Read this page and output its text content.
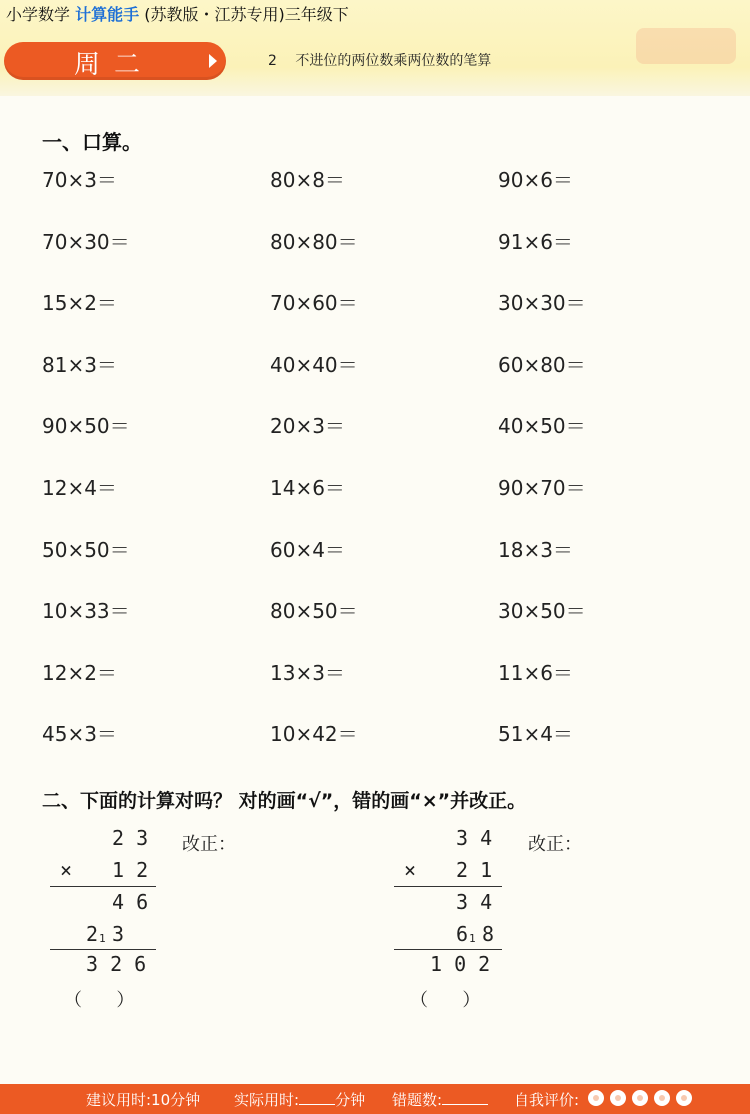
小学数学 计算能手 (苏教版・江苏专用)三年级下
周二	2 不进位的两位数乘两位数的笔算
一、口算。
70×3＝	80×8＝	90×6＝
70×30＝	80×80＝	91×6＝
15×2＝	70×60＝	30×30＝
81×3＝	40×40＝	60×80＝
90×50＝	20×3＝	40×50＝
12×4＝	14×6＝	90×70＝
50×50＝	60×4＝	18×3＝
10×33＝	80×50＝	30×50＝
12×2＝	13×3＝	11×6＝
45×3＝	10×42＝	51×4＝
二、下面的计算对吗？ 对的画“√”，错的画“×”并改正。
2 3
× 1 2
4 6
2 1 3
3 2 6
改正：
（      ）
3 4
× 2 1
3 4
6 1 8
1 0 2
改正：
（      ）
建议用时:10分钟 实际用时: 分钟 错题数:	自我评价:
